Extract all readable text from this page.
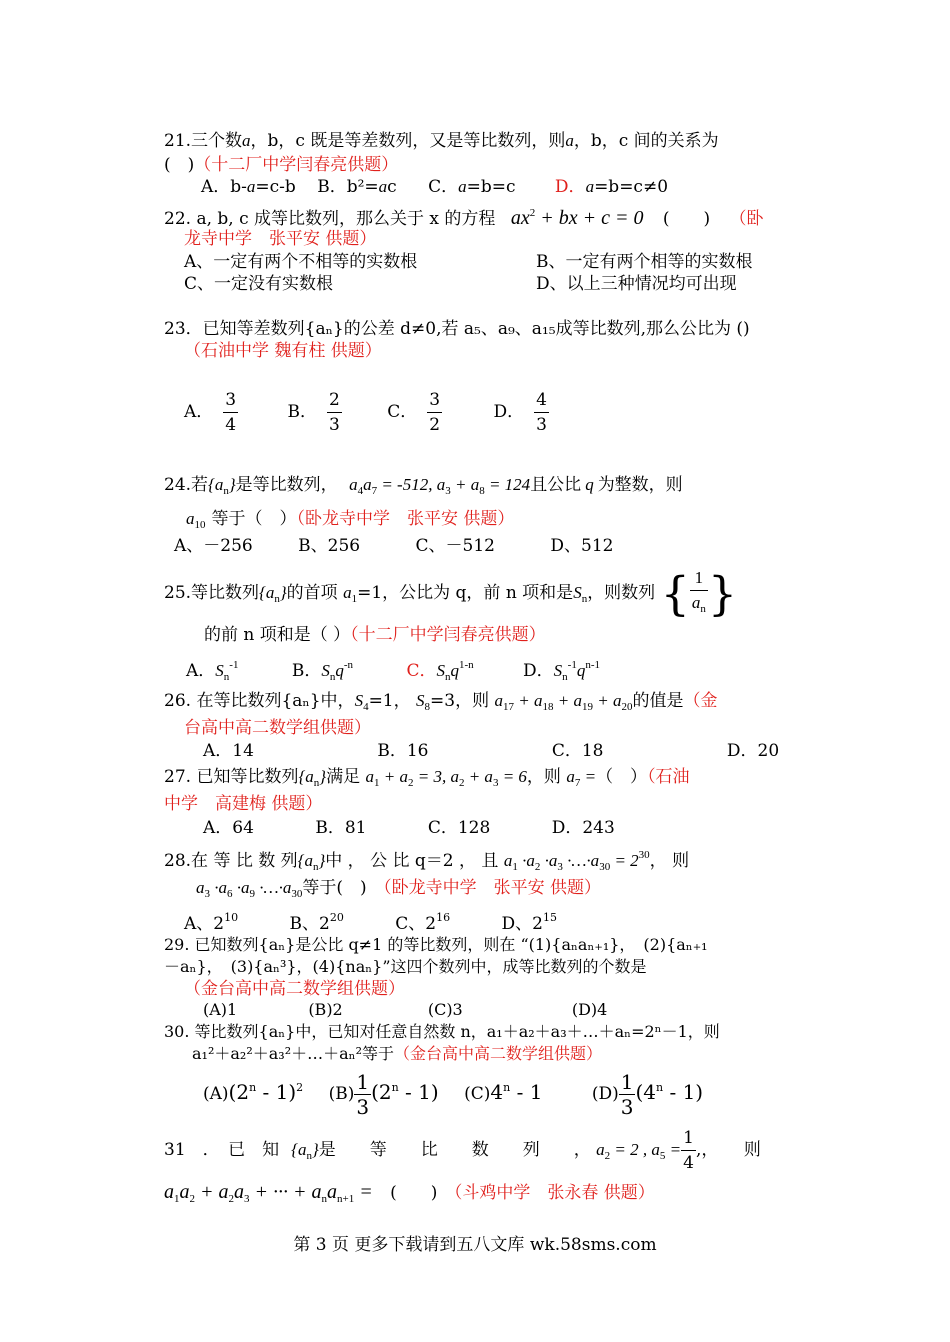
21.三个数a，b，c 既是等差数列，又是等比数列，则a，b，c 间的关系为
(　)（十二厂中学闫春亮供题）
A．b-a=c-b B．b²=ac C．a=b=c D．a=b=c≠0
22. a, b, c 成等比数列，那么关于 x 的方程 $ax^2$ + bx + c = 0 (　　) （卧
龙寺中学　张平安 供题）
A、一定有两个不相等的实数根	B、一定有两个相等的实数根
C、一定没有实数根	D、以上三种情况均可出现
23．已知等差数列{aₙ}的公差 d≠0,若 a₅、a₉、a₁₅成等比数列,那么公比为 ()
（石油中学 魏有柱 供题）
A． $\frac{3}{4}$	B． $\frac{2}{3}$	C． $\frac{3}{2}$	D． $\frac{4}{3}$
24.若$\{a_n\}$是等比数列， $a_4a_7 = -512$, $a_3 + a_8 = 124$且公比 q 为整数，则
$a_{10}$ 等于（　）（卧龙寺中学　张平安 供题）
A、－256	B、256	C、－512	D、512
25.等比数列$\{a_n\}$的首项 $a_1=1$，公比为 q，前 n 项和是$S_n$，则数列 { $\frac{1}{a_n}$ }
的前 n 项和是（ ）（十二厂中学闫春亮供题）
A．$S_n^{-1}$	B．$S_nq^{-n}$	C．$S_nq^{1-n}$	D．$S_n^{-1}q^{n-1}$
26. 在等比数列{aₙ}中，$S_4=1$， $S_8=3$，则 $a_{17} + a_{18} + a_{19} + a_{20}$的值是（金
台高中高二数学组供题）
A．14	B．16	C．18	D．20
27. 已知等比数列$\{a_n\}$满足 $a_1 + a_2 = 3$, $a_2 + a_3 = 6$，则 $a_7$ =（　）（石油
中学　高建梅 供题）
A．64	B．81	C．128	D．243
28.在 等 比 数 列$\{a_n\}$中 ， 公 比 q＝2 ， 且 $a_1 \cdot a_2 \cdot a_3$ $\cdot\dots\cdot a_{30} = 2^{30}$， 则
$a_3 \cdot a_6 \cdot a_9$ $\cdot\dots\cdot a_{30}$等于(　) （卧龙寺中学　张平安 供题）
A、$2^{10}$	B、$2^{20}$	C、$2^{16}$	D、$2^{15}$
29. 已知数列{aₙ}是公比 q≠1 的等比数列，则在 “(1){aₙaₙ₊₁}，　(2){aₙ₊₁
－aₙ}，　(3){aₙ³}，(4){naₙ}”这四个数列中，成等比数列的个数是
（金台高中高二数学组供题）
(A)1	(B)2	(C)3	(D)4
30. 等比数列{aₙ}中，已知对任意自然数 n，a₁＋a₂＋a₃＋…＋aₙ=2ⁿ－1，则
a₁²＋a₂²＋a₃²＋…＋aₙ²等于（金台高中高二数学组供题）
(A)(2$^n$ - 1)$^2$ $(B) \frac{1}{3} (2^n - 1)$ (C)4$^n$ - 1	$(D) \frac{1}{3} (4^n - 1)$
31　．　已　知 $\{a_n\}$是　　等　　比　　数　　列　　， $a_2 = 2$ , $a_5 = \frac{1}{4}$ ,，　　则
$a_1a_2 + a_2a_3$ + ··· + $a_na_{n+1}$ = (　　) （斗鸡中学　张永春 供题）
第 3 页 更多下载请到五八文库 wk.58sms.com
